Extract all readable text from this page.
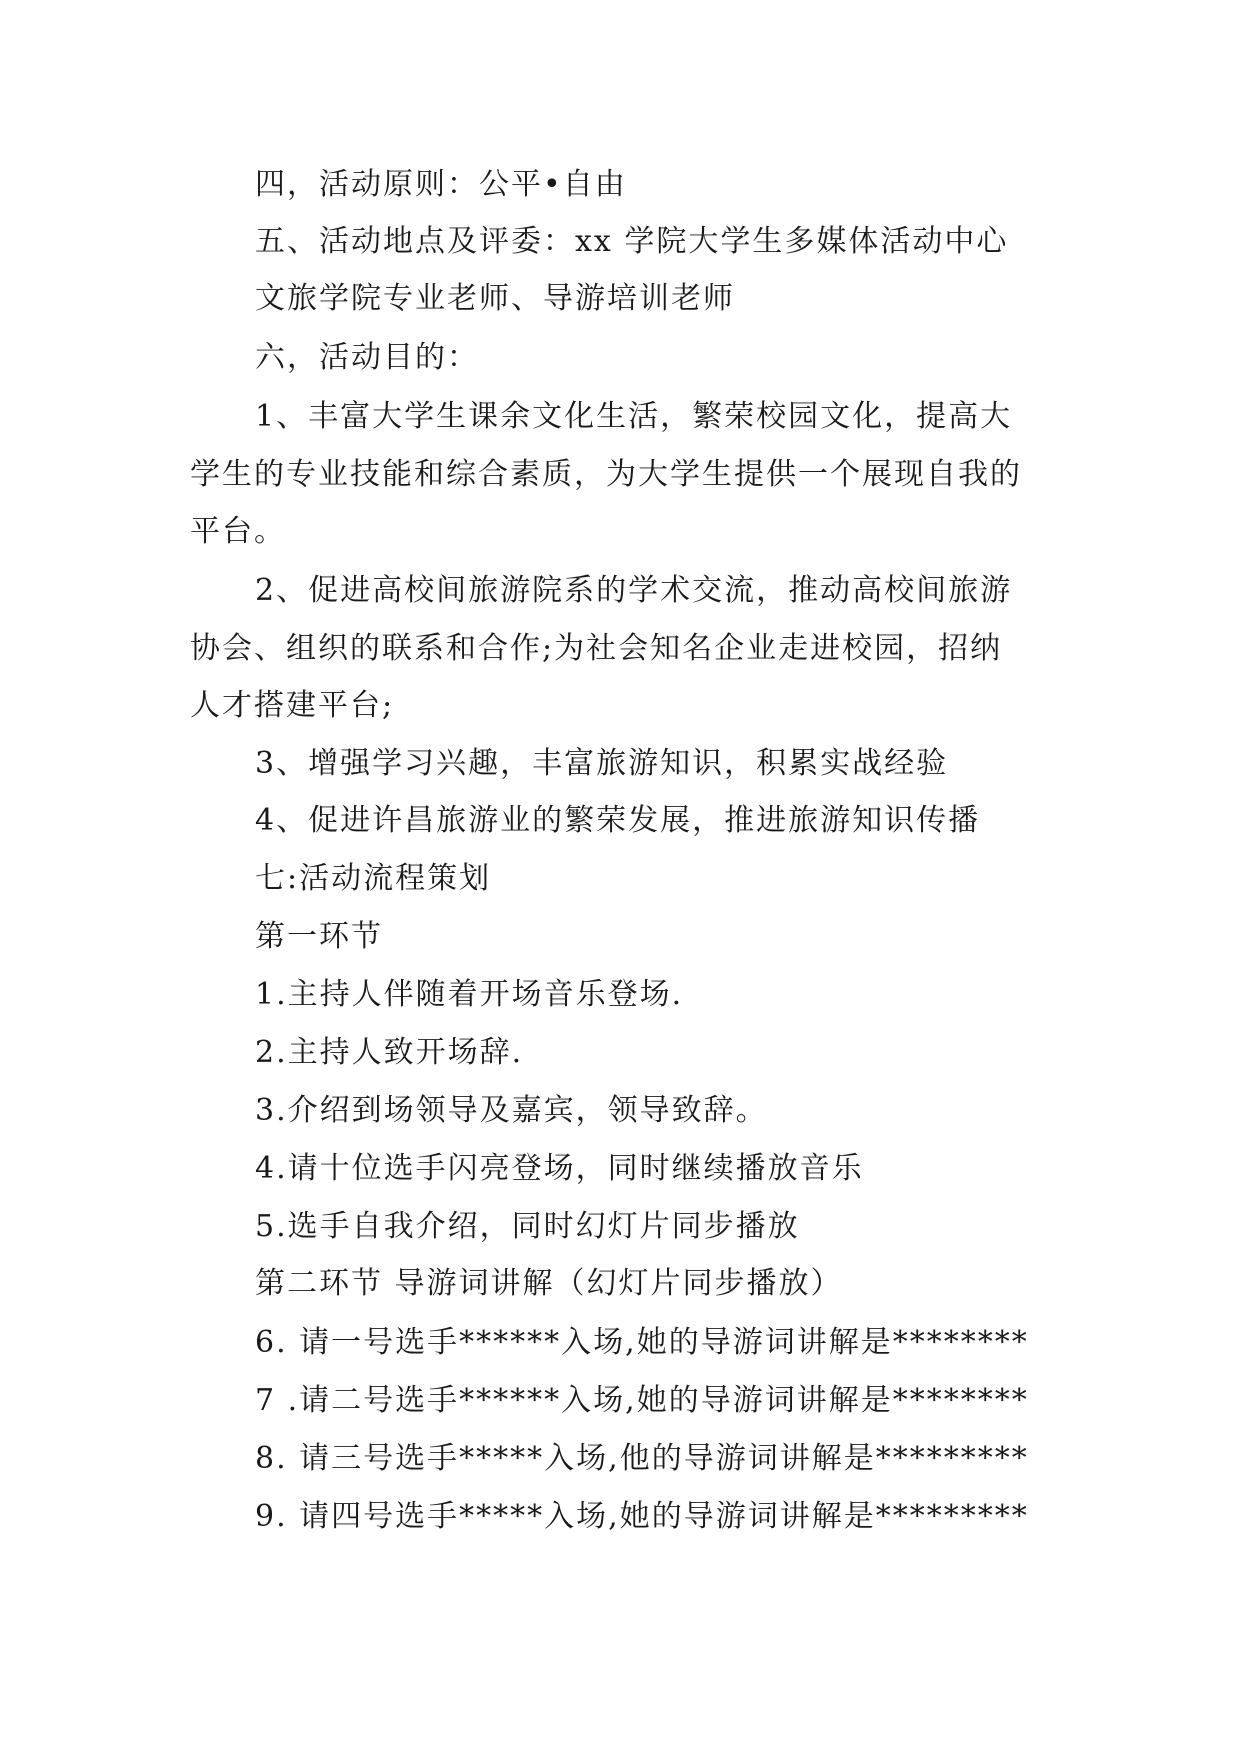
四，活动原则：公平•自由
五、活动地点及评委：xx 学院大学生多媒体活动中心
文旅学院专业老师、导游培训老师
六，活动目的：
1、丰富大学生课余文化生活，繁荣校园文化，提高大
学生的专业技能和综合素质，为大学生提供一个展现自我的
平台。
2、促进高校间旅游院系的学术交流，推动高校间旅游
协会、组织的联系和合作;为社会知名企业走进校园，招纳
人才搭建平台;
3、增强学习兴趣，丰富旅游知识，积累实战经验
4、促进许昌旅游业的繁荣发展，推进旅游知识传播
七:活动流程策划
第一环节
1.主持人伴随着开场音乐登场.
2.主持人致开场辞.
3.介绍到场领导及嘉宾，领导致辞。
4.请十位选手闪亮登场，同时继续播放音乐
5.选手自我介绍，同时幻灯片同步播放
第二环节 导游词讲解（幻灯片同步播放）
6. 请一号选手******入场,她的导游词讲解是********
7 .请二号选手******入场,她的导游词讲解是********
8. 请三号选手*****入场,他的导游词讲解是*********
9. 请四号选手*****入场,她的导游词讲解是*********
